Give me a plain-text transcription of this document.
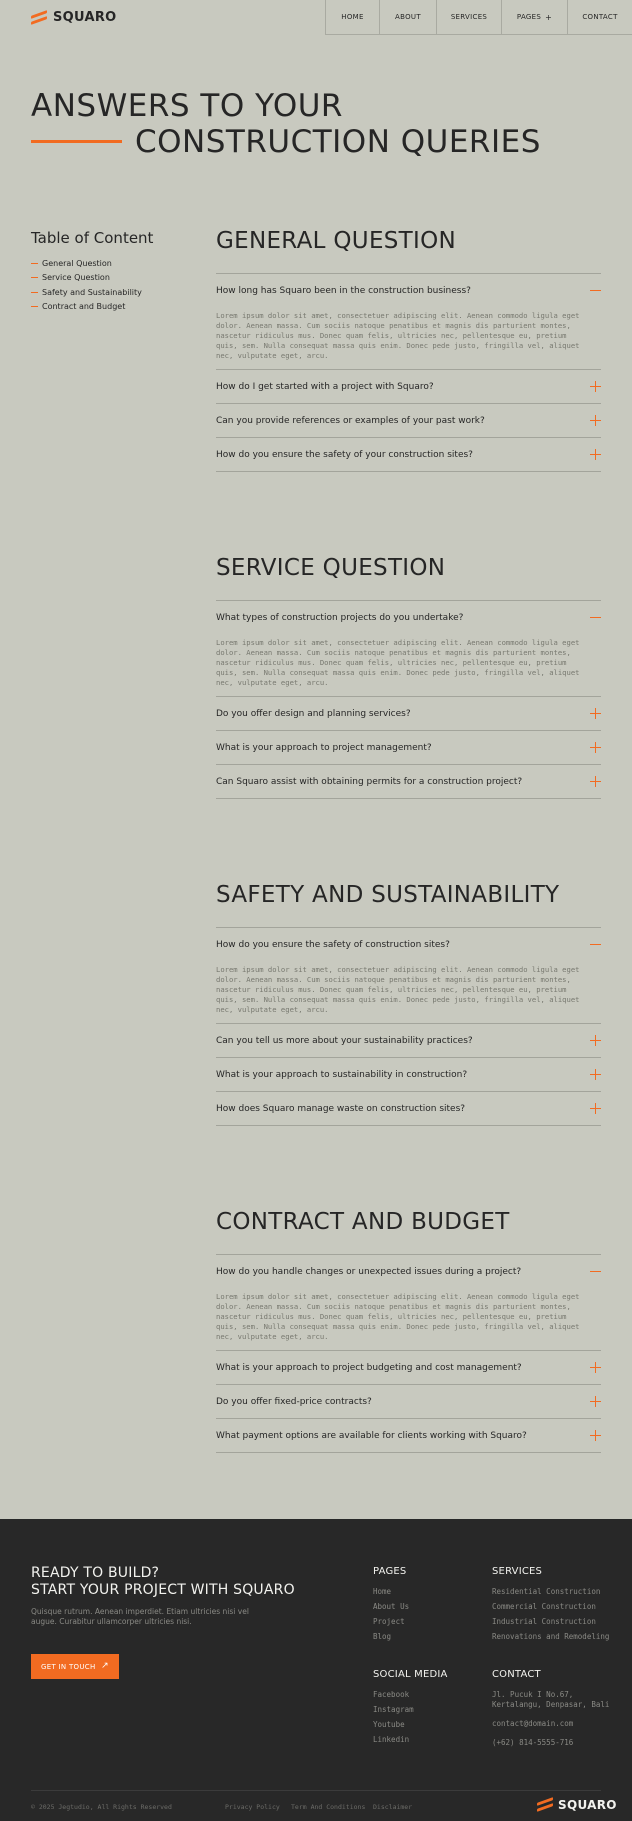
SQUARO	HOME	ABOUT	SERVICES	PAGES +	CONTACT
ANSWERS TO YOUR
CONSTRUCTION QUERIES
Table of Content
General Question
Service Question
Safety and Sustainability
Contract and Budget
GENERAL QUESTION
How long has Squaro been in the construction business?
Lorem ipsum dolor sit amet, consectetuer adipiscing elit. Aenean commodo ligula eget dolor. Aenean massa. Cum sociis natoque penatibus et magnis dis parturient montes, nascetur ridiculus mus. Donec quam felis, ultricies nec, pellentesque eu, pretium quis, sem. Nulla consequat massa quis enim. Donec pede justo, fringilla vel, aliquet nec, vulputate eget, arcu.
How do I get started with a project with Squaro?
Can you provide references or examples of your past work?
How do you ensure the safety of your construction sites?
SERVICE QUESTION
What types of construction projects do you undertake?
Lorem ipsum dolor sit amet, consectetuer adipiscing elit. Aenean commodo ligula eget dolor. Aenean massa. Cum sociis natoque penatibus et magnis dis parturient montes, nascetur ridiculus mus. Donec quam felis, ultricies nec, pellentesque eu, pretium quis, sem. Nulla consequat massa quis enim. Donec pede justo, fringilla vel, aliquet nec, vulputate eget, arcu.
Do you offer design and planning services?
What is your approach to project management?
Can Squaro assist with obtaining permits for a construction project?
SAFETY AND SUSTAINABILITY
How do you ensure the safety of construction sites?
Lorem ipsum dolor sit amet, consectetuer adipiscing elit. Aenean commodo ligula eget dolor. Aenean massa. Cum sociis natoque penatibus et magnis dis parturient montes, nascetur ridiculus mus. Donec quam felis, ultricies nec, pellentesque eu, pretium quis, sem. Nulla consequat massa quis enim. Donec pede justo, fringilla vel, aliquet nec, vulputate eget, arcu.
Can you tell us more about your sustainability practices?
What is your approach to sustainability in construction?
How does Squaro manage waste on construction sites?
CONTRACT AND BUDGET
How do you handle changes or unexpected issues during a project?
Lorem ipsum dolor sit amet, consectetuer adipiscing elit. Aenean commodo ligula eget dolor. Aenean massa. Cum sociis natoque penatibus et magnis dis parturient montes, nascetur ridiculus mus. Donec quam felis, ultricies nec, pellentesque eu, pretium quis, sem. Nulla consequat massa quis enim. Donec pede justo, fringilla vel, aliquet nec, vulputate eget, arcu.
What is your approach to project budgeting and cost management?
Do you offer fixed-price contracts?
What payment options are available for clients working with Squaro?
READY TO BUILD?
START YOUR PROJECT WITH SQUARO
Quisque rutrum. Aenean imperdiet. Etiam ultricies nisi vel augue. Curabitur ullamcorper ultricies nisi.
GET IN TOUCH ↗
PAGES
Home
About Us
Project
Blog
SERVICES
Residential Construction
Commercial Construction
Industrial Construction
Renovations and Remodeling
SOCIAL MEDIA
Facebook
Instagram
Youtube
Linkedin
CONTACT
Jl. Pucuk I No.67,
Kertalangu, Denpasar, Bali
contact@domain.com
(+62) 814-5555-716
© 2025 Jegtudio, All Rights Reserved	Privacy Policy Term And Conditions Disclaimer	SQUARO
